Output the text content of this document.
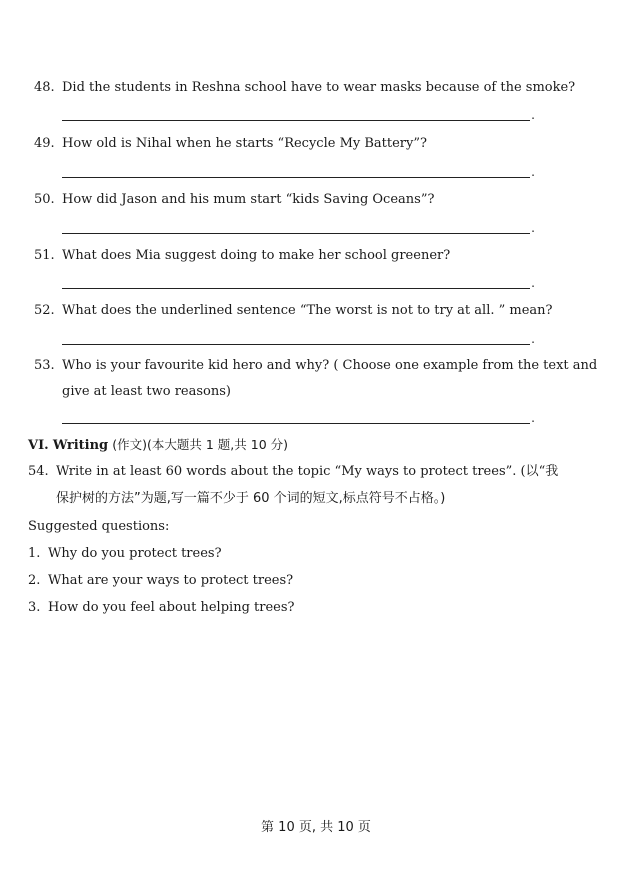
48. Did the students in Reshna school have to wear masks because of the smoke?
.
49. How old is Nihal when he starts “Recycle My Battery”?
.
50. How did Jason and his mum start “kids Saving Oceans”?
.
51. What does Mia suggest doing to make her school greener?
.
52. What does the underlined sentence “The worst is not to try at all. ” mean?
.
53. Who is your favourite kid hero and why? ( Choose one example from the text and
give at least two reasons)
.
VI. Writing (作文)(本大题共 1 题,共 10 分)
54. Write in at least 60 words about the topic “My ways to protect trees”. (以“我
保护树的方法”为题,写一篇不少于 60 个词的短文,标点符号不占格。)
Suggested questions:
1. Why do you protect trees?
2. What are your ways to protect trees?
3. How do you feel about helping trees?
第 10 页, 共 10 页
